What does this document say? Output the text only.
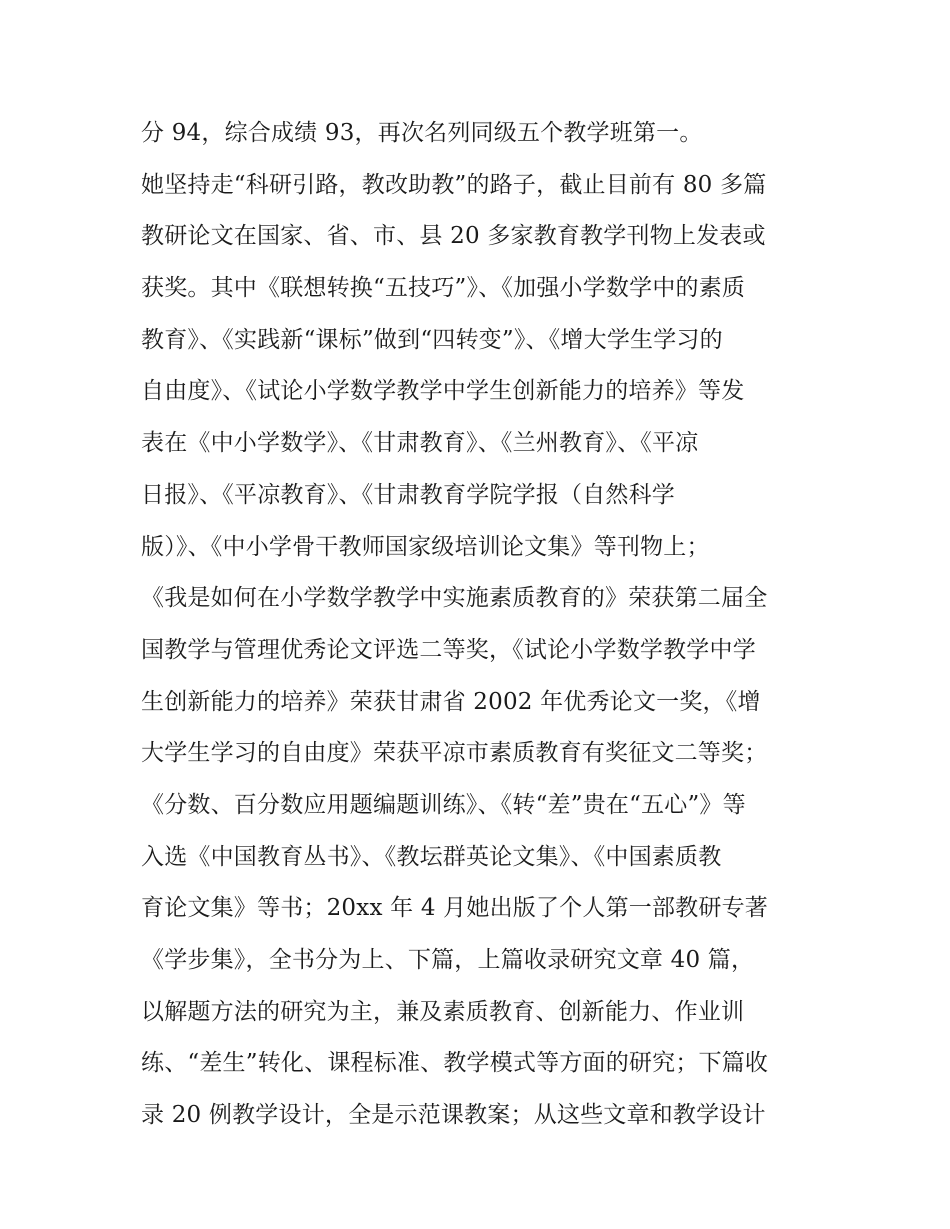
分 94，综合成绩 93，再次名列同级五个教学班第一。
她坚持走“科研引路，教改助教”的路子，截止目前有 80 多篇
教研论文在国家、省、市、县 20 多家教育教学刊物上发表或
获奖。其中《联想转换“五技巧”》、《加强小学数学中的素质
教育》、《实践新“课标”做到“四转变”》、《增大学生学习的
自由度》、《试论小学数学教学中学生创新能力的培养》等发
表在《中小学数学》、《甘肃教育》、《兰州教育》、《平凉
日报》、《平凉教育》、《甘肃教育学院学报（自然科学
版）》、《中小学骨干教师国家级培训论文集》等刊物上；
《我是如何在小学数学教学中实施素质教育的》荣获第二届全
国教学与管理优秀论文评选二等奖，《试论小学数学教学中学
生创新能力的培养》荣获甘肃省 2002 年优秀论文一奖，《增
大学生学习的自由度》荣获平凉市素质教育有奖征文二等奖；
《分数、百分数应用题编题训练》、《转“差”贵在“五心”》等
入选《中国教育丛书》、《教坛群英论文集》、《中国素质教
育论文集》等书；20xx 年 4 月她出版了个人第一部教研专著
《学步集》，全书分为上、下篇，上篇收录研究文章 40 篇，
以解题方法的研究为主，兼及素质教育、创新能力、作业训
练、“差生”转化、课程标准、教学模式等方面的研究；下篇收
录 20 例教学设计，全是示范课教案；从这些文章和教学设计
